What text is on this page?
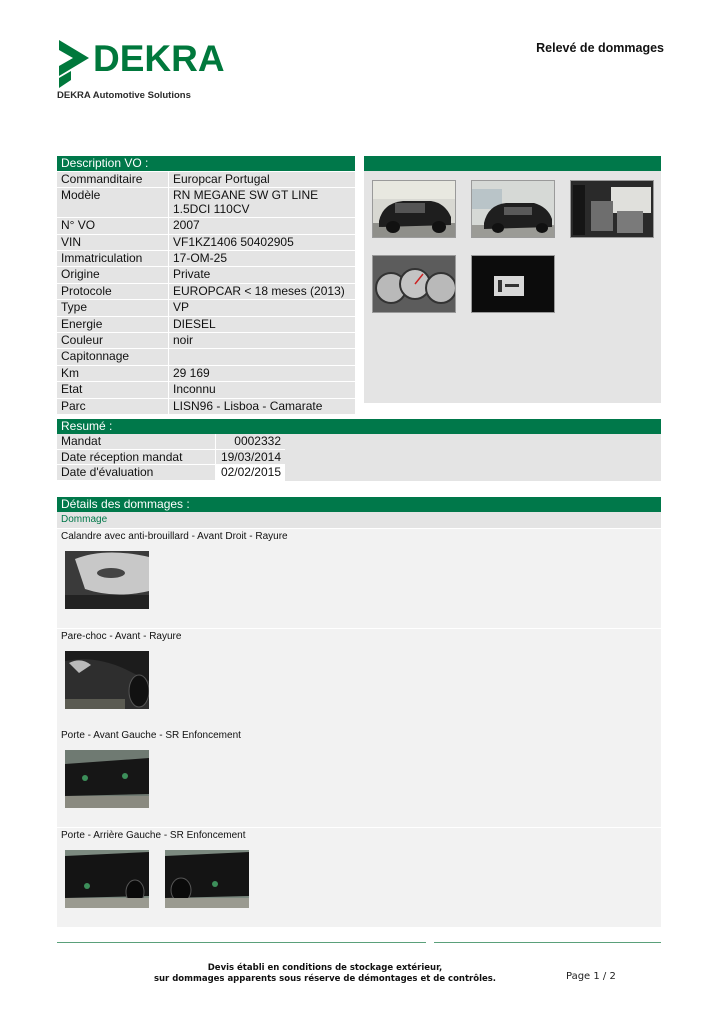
DEKRA
DEKRA Automotive Solutions
Relevé de dommages
Description VO :
Commanditaire	Europcar Portugal
Modèle	RN MEGANE SW GT LINE 1.5DCI 110CV
N° VO	2007
VIN	VF1KZ1406 50402905
Immatriculation	17-OM-25
Origine	Private
Protocole	EUROPCAR < 18 meses (2013)
Type	VP
Energie	DIESEL
Couleur	noir
Capitonnage
Km	29 169
Etat	Inconnu
Parc	LISN96 - Lisboa - Camarate
Resumé :
Mandat	0002332
Date réception mandat	19/03/2014
Date d'évaluation	02/02/2015
Détails des dommages :
Dommage
Calandre avec anti-brouillard - Avant Droit - Rayure
Pare-choc - Avant - Rayure
Porte - Avant Gauche - SR Enfoncement
Porte - Arrière Gauche - SR Enfoncement
Devis établi en conditions de stockage extérieur,
sur dommages apparents sous réserve de démontages et de contrôles.	Page 1 / 2
